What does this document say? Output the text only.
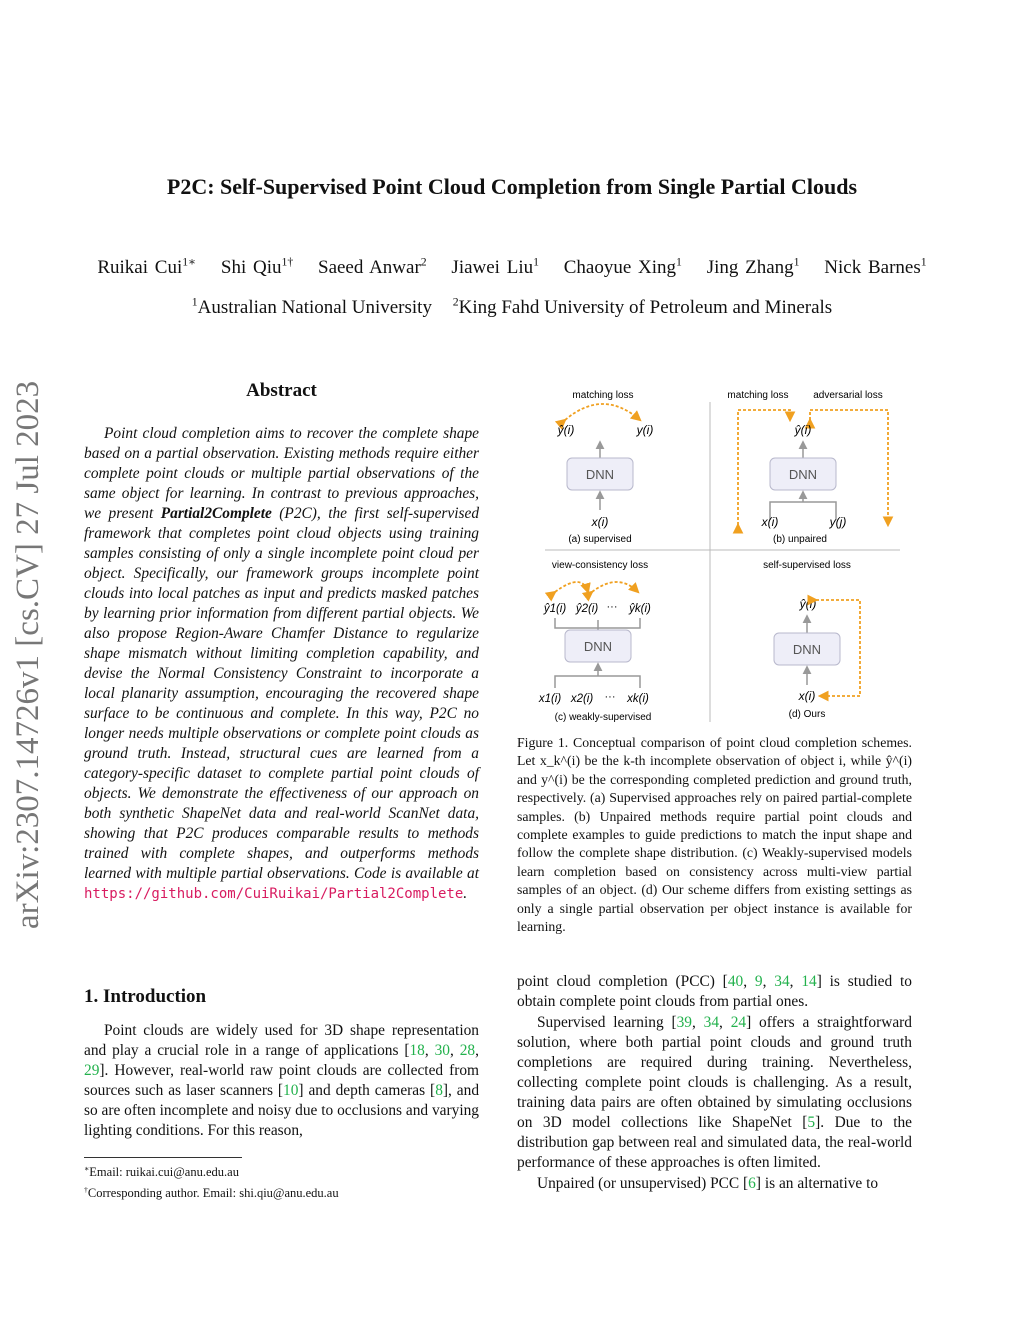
arXiv:2307.14726v1 [cs.CV] 27 Jul 2023
P2C: Self-Supervised Point Cloud Completion from Single Partial Clouds
Ruikai Cui$^{1∗}$ Shi Qiu$^{1\dagger}$ Saeed Anwar$^2$ Jiawei Liu$^1$ Chaoyue Xing$^1$ Jing Zhang$^1$ Nick Barnes$^1$
$^1$Australian National University $^2$King Fahd University of Petroleum and Minerals
Abstract
Point cloud completion aims to recover the complete shape based on a partial observation. Existing methods require either complete point clouds or multiple partial observations of the same object for learning. In contrast to previous approaches, we present Partial2Complete (P2C), the first self-supervised framework that completes point cloud objects using training samples consisting of only a single incomplete point cloud per object. Specifically, our framework groups incomplete point clouds into local patches as input and predicts masked patches by learning prior information from different partial objects. We also propose Region-Aware Chamfer Distance to regularize shape mismatch without limiting completion capability, and devise the Normal Consistency Constraint to incorporate a local planarity assumption, encouraging the recovered shape surface to be continuous and complete. In this way, P2C no longer needs multiple observations or complete point clouds as ground truth. Instead, structural cues are learned from a category-specific dataset to complete partial point clouds of objects. We demonstrate the effectiveness of our approach on both synthetic ShapeNet data and real-world ScanNet data, showing that P2C produces comparable results to methods trained with complete shapes, and outperforms methods learned with multiple partial observations. Code is available at https://github.com/CuiRuikai/Partial2Complete.
matching loss
ŷ(i)	y(i)
DNN
x(i)
(a) supervised
matching loss adversarial loss
ŷ(i)
DNN
x(i)	y(j)
(b) unpaired
view-consistency loss
ŷ1(i) ŷ2(i) ··· ŷk(i)
DNN
x1(i) x2(i) ··· xk(i)
(c) weakly-supervised
self-supervised loss
ŷ(i)
DNN
x(i)
(d) Ours
Figure 1. Conceptual comparison of point cloud completion schemes. Let x_k^(i) be the k-th incomplete observation of object i, while ŷ^(i) and y^(i) be the corresponding completed prediction and ground truth, respectively. (a) Supervised approaches rely on paired partial-complete samples. (b) Unpaired methods require partial point clouds and complete examples to guide predictions to match the input shape and follow the complete shape distribution. (c) Weakly-supervised models learn completion based on consistency across multi-view partial samples of an object. (d) Our scheme differs from existing settings as only a single partial observation per object instance is available for learning.
1. Introduction

Point clouds are widely used for 3D shape representation and play a crucial role in a range of applications [18, 30, 28, 29]. However, real-world raw point clouds are collected from sources such as laser scanners [10] and depth cameras [8], and so are often incomplete and noisy due to occlusions and varying lighting conditions. For this reason,

point cloud completion (PCC) [40, 9, 34, 14] is studied to obtain complete point clouds from partial ones.

Supervised learning [39, 34, 24] offers a straightforward solution, where both partial point clouds and ground truth completions are required during training. Nevertheless, collecting complete point clouds is challenging. As a result, training data pairs are often obtained by simulating occlusions on 3D model collections like ShapeNet [5]. Due to the distribution gap between real and simulated data, the real-world performance of these approaches is often limited.

Unpaired (or unsupervised) PCC [6] is an alternative to

∗Email: ruikai.cui@anu.edu.au
†Corresponding author. Email: shi.qiu@anu.edu.au
